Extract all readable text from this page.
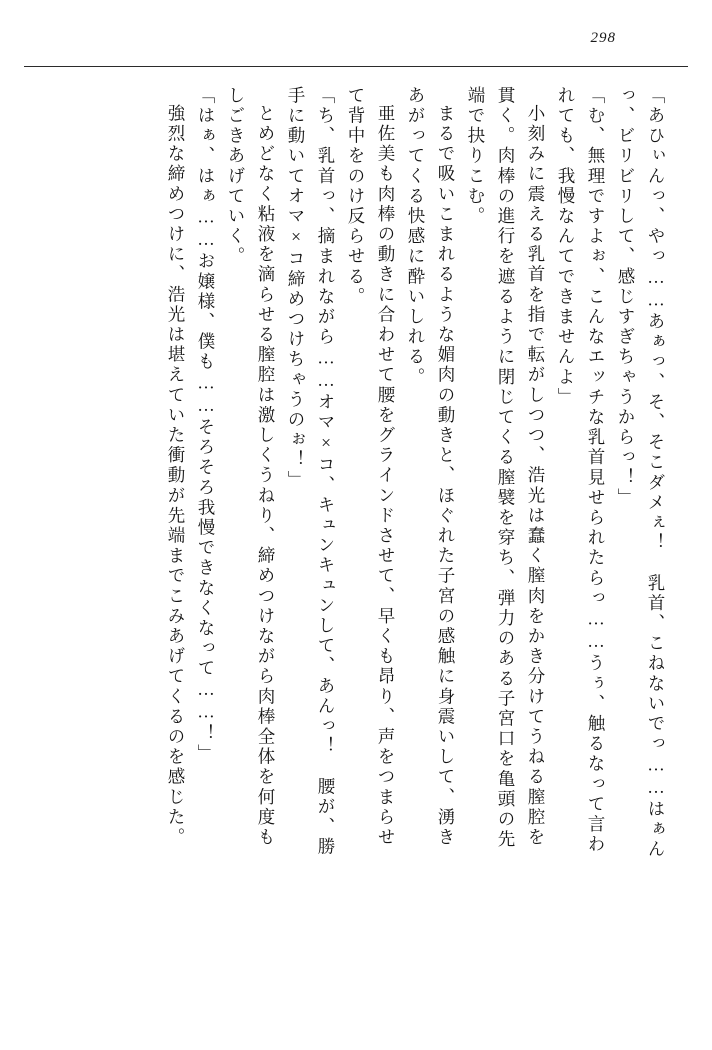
298
「あひぃんっ、やっ……あぁっ、そ、そこダメぇ！　乳首、こねないでっ……はぁん
っ、ビリビリして、感じすぎちゃうからっ！」
「む、無理ですよぉ、こんなエッチな乳首見せられたらっ……うぅ、触るなって言わ
れても、我慢なんてできませんよ」
小刻みに震える乳首を指で転がしつつ、浩光は蠢く膣肉をかき分けてうねる膣腔を
貫く。肉棒の進行を遮るように閉じてくる膣襞を穿ち、弾力のある子宮口を亀頭の先
端で抉りこむ。
まるで吸いこまれるような媚肉の動きと、ほぐれた子宮の感触に身震いして、湧き
あがってくる快感に酔いしれる。
亜佐美も肉棒の動きに合わせて腰をグラインドさせて、早くも昂り、声をつまらせ
て背中をのけ反らせる。
「ち、乳首っ、摘まれながら……オマ×コ、キュンキュンして、あんっ！　腰が、勝
手に動いてオマ×コ締めつけちゃうのぉ！」
とめどなく粘液を滴らせる膣腔は激しくうねり、締めつけながら肉棒全体を何度も
しごきあげていく。
「はぁ、はぁ……お嬢様、僕も……そろそろ我慢できなくなって……！」
強烈な締めつけに、浩光は堪えていた衝動が先端までこみあげてくるのを感じた。
